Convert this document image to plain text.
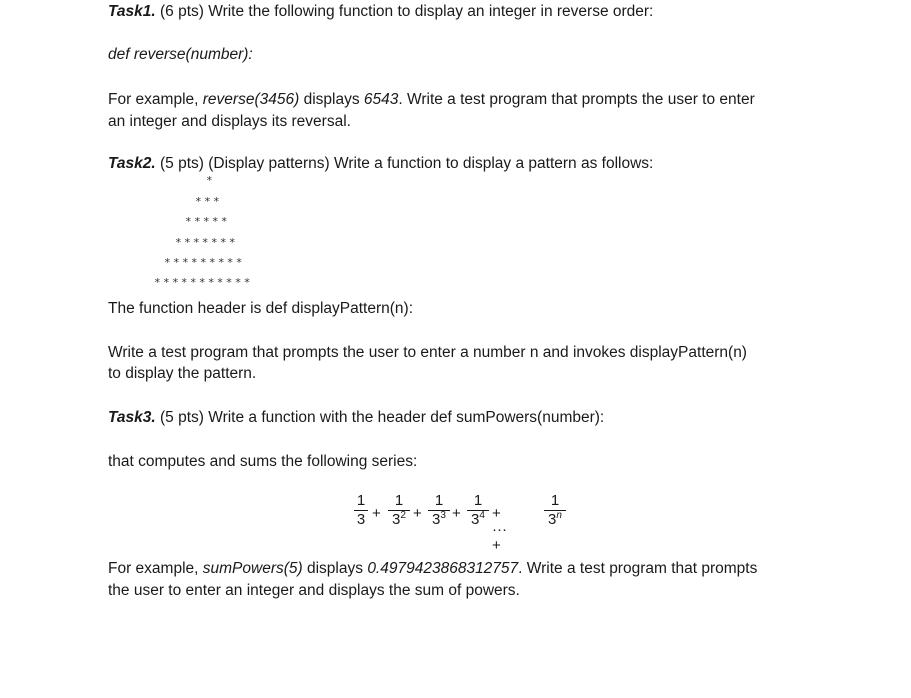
Task1. (6 pts) Write the following function to display an integer in reverse order:

def reverse(number):

For example, reverse(3456) displays 6543. Write a test program that prompts the user to enter

an integer and displays its reversal.

Task2. (5 pts) (Display patterns) Write a function to display a pattern as follows:

*

***

*****

*******

*********

***********

The function header is def displayPattern(n):

Write a test program that prompts the user to enter a number n and invokes displayPattern(n)

to display the pattern.

Task3. (5 pts) Write a function with the header def sumPowers(number):

that computes and sums the following series:

1
3 +
1
$3^2$ +
1
$3^3$ +
1
$3^4$ + ··· +
1
3$^n$

For example, sumPowers(5) displays 0.4979423868312757. Write a test program that prompts

the user to enter an integer and displays the sum of powers.
